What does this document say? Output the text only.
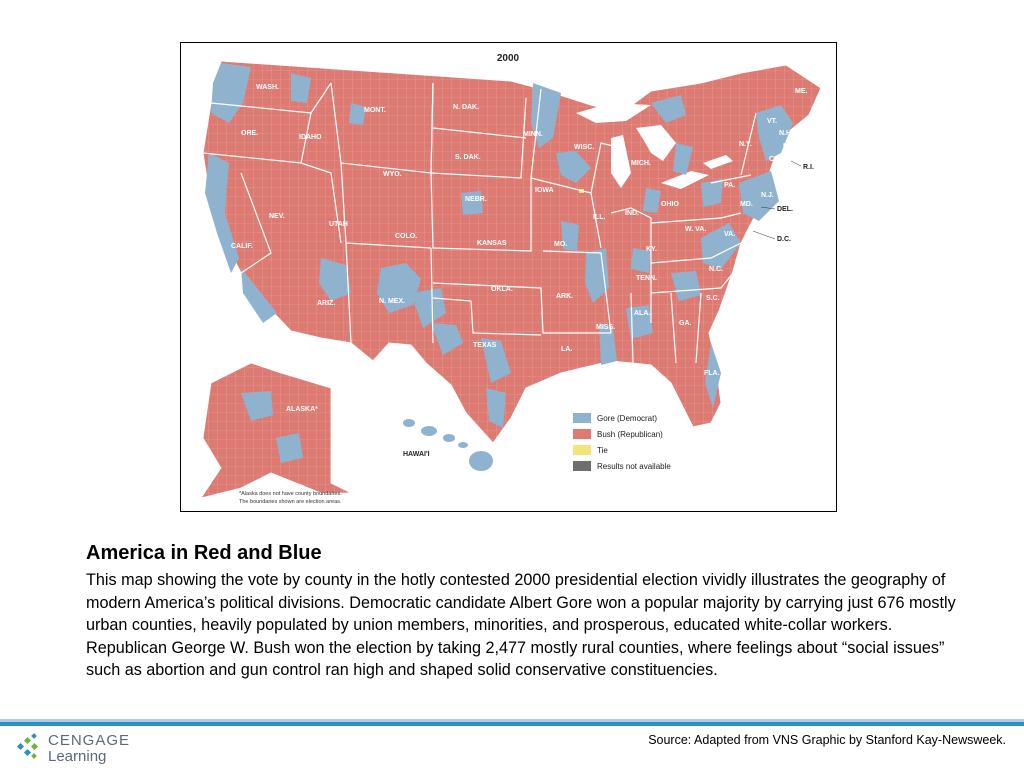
2000
WASH.
ORE.
CALIF.
NEV.
IDAHO
MONT.
WYO.
UTAH
ARIZ.
COLO.
N. MEX.
N. DAK.
S. DAK.
NEBR.
KANSAS
OKLA.
TEXAS
MINN.
IOWA
MO.
ARK.
LA.
WISC.
ILL.
MICH.
IND.
OHIO
KY.
TENN.
MISS.
ALA.
GA.
FLA.
S.C.
N.C.
VA.
W. VA.
PA.
N.Y.
MD.
DEL.
N.J.
D.C.
CONN.
R.I.
MASS.
VT.
N.H.
ME.
ALASKA*
HAWAI'I
Gore (Democrat)
Bush (Republican)
Tie
Results not available
*Alaska does not have county boundaries.
The boundaries shown are election areas.
America in Red and Blue

This map showing the vote by county in the hotly contested 2000 presidential election vividly illustrates the geography of modern America’s political divisions. Democratic candidate Albert Gore won a popular majority by carrying just 676 mostly urban counties, heavily populated by union members, minorities, and prosperous, educated white-collar workers. Republican George W. Bush won the election by taking 2,477 mostly rural counties, where feelings about “social issues” such as abortion and gun control ran high and shaped solid conservative constituencies.

CENGAGE
Learning
Source: Adapted from VNS Graphic by Stanford Kay-Newsweek.
